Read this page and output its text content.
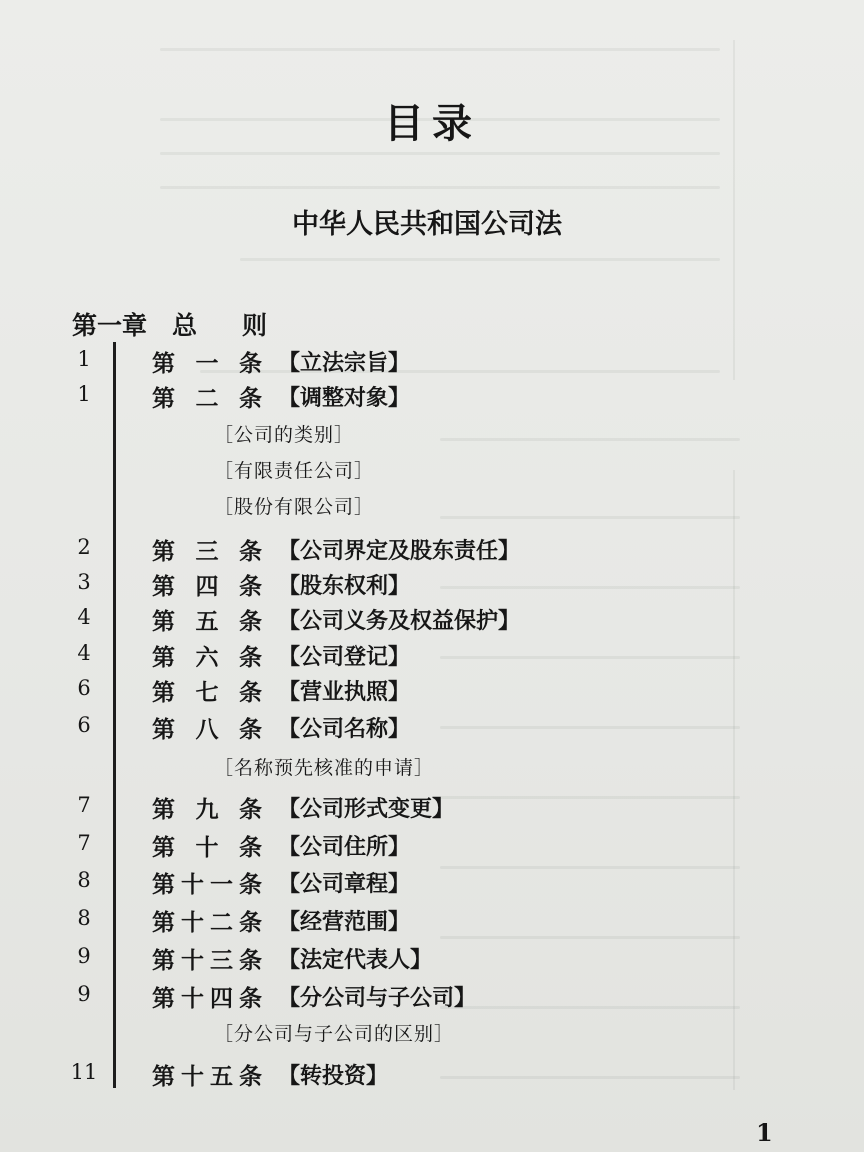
目录
中华人民共和国公司法
第一章 总 则
1	第一条 【立法宗旨】
1	第二条 【调整对象】
［公司的类别］
［有限责任公司］
［股份有限公司］
2	第三条 【公司界定及股东责任】
3	第四条 【股东权利】
4	第五条 【公司义务及权益保护】
4	第六条 【公司登记】
6	第七条 【营业执照】
6	第八条 【公司名称】
［名称预先核准的申请］
7	第九条 【公司形式变更】
7	第十条 【公司住所】
8	第十一条 【公司章程】
8	第十二条 【经营范围】
9	第十三条 【法定代表人】
9	第十四条 【分公司与子公司】
［分公司与子公司的区别］
11	第十五条 【转投资】
1
